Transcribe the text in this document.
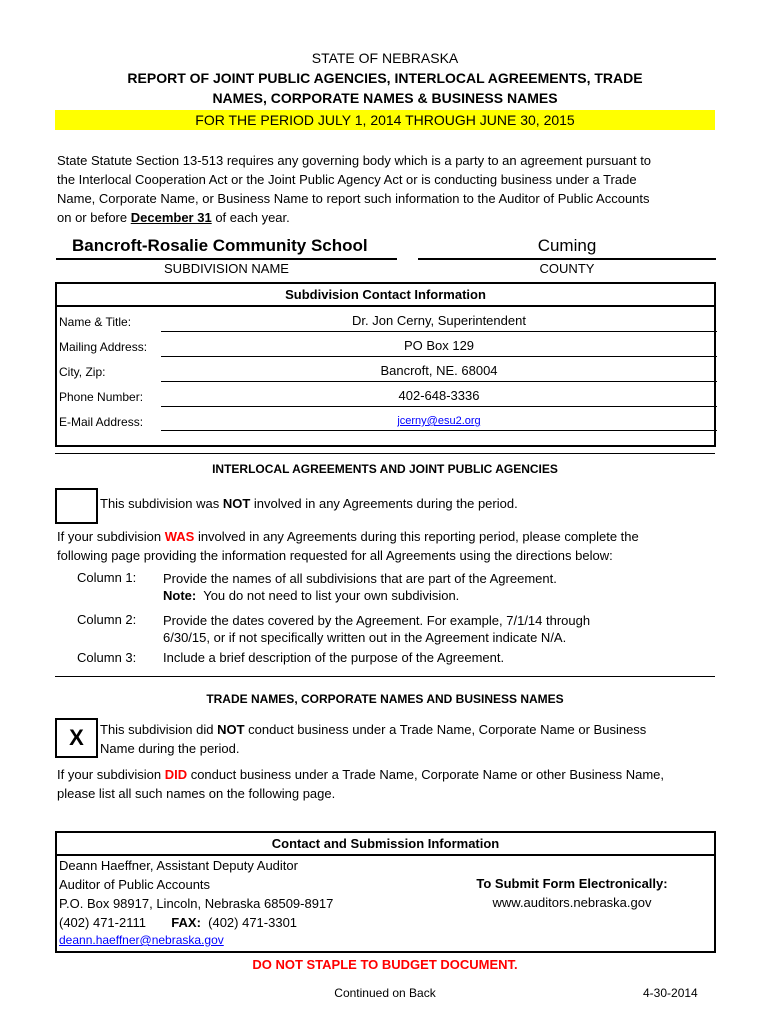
STATE OF NEBRASKA
REPORT OF JOINT PUBLIC AGENCIES, INTERLOCAL AGREEMENTS, TRADE
NAMES, CORPORATE NAMES & BUSINESS NAMES
FOR THE PERIOD JULY 1, 2014 THROUGH JUNE 30, 2015
State Statute Section 13-513 requires any governing body which is a party to an agreement pursuant to
the Interlocal Cooperation Act or the Joint Public Agency Act or is conducting business under a Trade
Name, Corporate Name, or Business Name to report such information to the Auditor of Public Accounts
on or before December 31 of each year.
Bancroft-Rosalie Community School
SUBDIVISION NAME
Cuming
COUNTY
Subdivision Contact Information
Name & Title:	Dr. Jon Cerny, Superintendent
Mailing Address:	PO Box 129
City, Zip:	Bancroft, NE. 68004
Phone Number:	402-648-3336
E-Mail Address:	jcerny@esu2.org
INTERLOCAL AGREEMENTS AND JOINT PUBLIC AGENCIES
This subdivision was NOT involved in any Agreements during the period.
If your subdivision WAS involved in any Agreements during this reporting period, please complete the
following page providing the information requested for all Agreements using the directions below:
Column 1: Provide the names of all subdivisions that are part of the Agreement.
Note: You do not need to list your own subdivision.
Column 2: Provide the dates covered by the Agreement. For example, 7/1/14 through
6/30/15, or if not specifically written out in the Agreement indicate N/A.
Column 3: Include a brief description of the purpose of the Agreement.
TRADE NAMES, CORPORATE NAMES AND BUSINESS NAMES
X	This subdivision did NOT conduct business under a Trade Name, Corporate Name or Business
Name during the period.
If your subdivision DID conduct business under a Trade Name, Corporate Name or other Business Name,
please list all such names on the following page.
Contact and Submission Information
Deann Haeffner, Assistant Deputy Auditor
Auditor of Public Accounts
P.O. Box 98917, Lincoln, Nebraska 68509-8917
(402) 471-2111 FAX: (402) 471-3301
deann.haeffner@nebraska.gov
To Submit Form Electronically:
www.auditors.nebraska.gov
DO NOT STAPLE TO BUDGET DOCUMENT.
Continued on Back	4-30-2014
